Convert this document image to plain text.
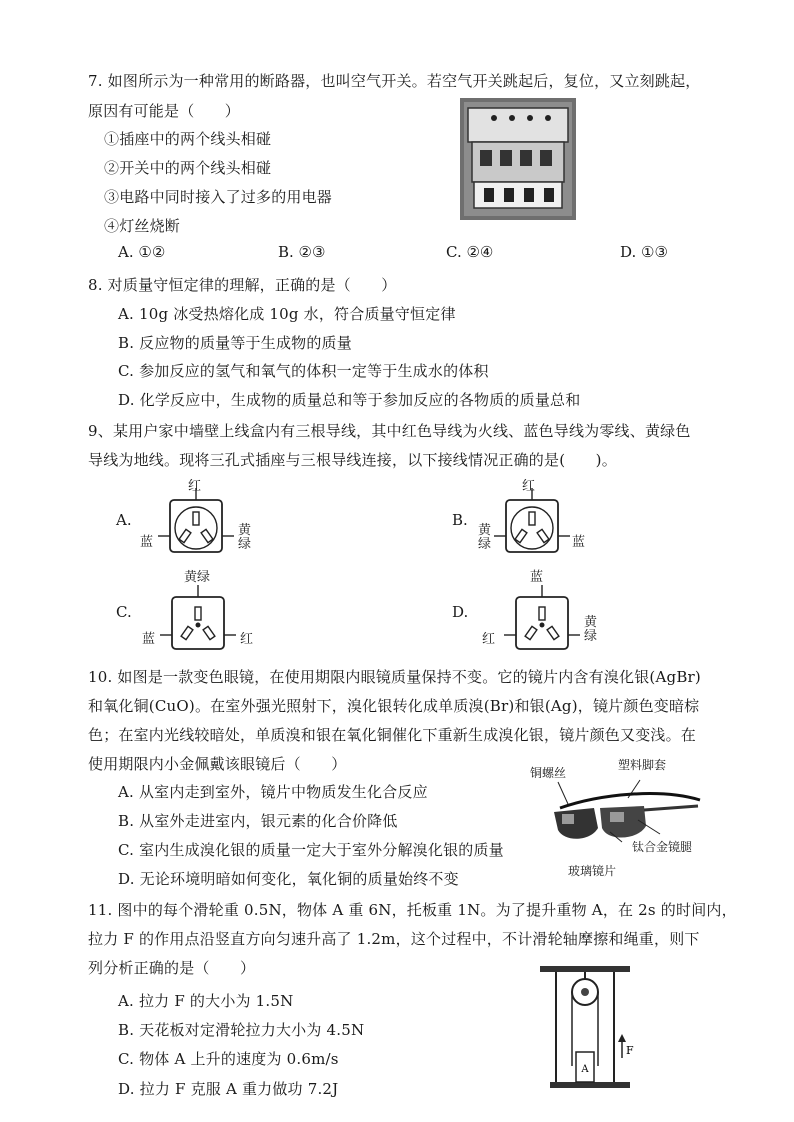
7. 如图所示为一种常用的断路器，也叫空气开关。若空气开关跳起后，复位，又立刻跳起，
原因有可能是（　　）
①插座中的两个线头相碰
②开关中的两个线头相碰
③电路中同时接入了过多的用电器
④灯丝烧断
A. ①②	B. ②③	C. ②④	D. ①③
8. 对质量守恒定律的理解，正确的是（　　）
A. 10g 冰受热熔化成 10g 水，符合质量守恒定律
B. 反应物的质量等于生成物的质量
C. 参加反应的氢气和氧气的体积一定等于生成水的体积
D. 化学反应中，生成物的质量总和等于参加反应的各物质的质量总和
9、某用户家中墙壁上线盒内有三根导线，其中红色导线为火线、蓝色导线为零线、黄绿色
导线为地线。现将三孔式插座与三根导线连接，以下接线情况正确的是(　　)。
A.
红
蓝
黄绿
B.
红
黄绿	蓝
C.
黄绿
蓝	红
D.
蓝
红
黄绿
10. 如图是一款变色眼镜，在使用期限内眼镜质量保持不变。它的镜片内含有溴化银(AgBr)
和氧化铜(CuO)。在室外强光照射下，溴化银转化成单质溴(Br)和银(Ag)，镜片颜色变暗棕
色；在室内光线较暗处，单质溴和银在氧化铜催化下重新生成溴化银，镜片颜色又变浅。在
使用期限内小金佩戴该眼镜后（　　）
A. 从室内走到室外，镜片中物质发生化合反应
B. 从室外走进室内，银元素的化合价降低
C. 室内生成溴化银的质量一定大于室外分解溴化银的质量
D. 无论环境明暗如何变化，氧化铜的质量始终不变
铜螺丝
塑料脚套
钛合金镜腿
玻璃镜片
11. 图中的每个滑轮重 0.5N，物体 A 重 6N，托板重 1N。为了提升重物 A，在 2s 的时间内，
拉力 F 的作用点沿竖直方向匀速升高了 1.2m，这个过程中，不计滑轮轴摩擦和绳重，则下
列分析正确的是（　　）
A. 拉力 F 的大小为 1.5N
B. 天花板对定滑轮拉力大小为 4.5N
C. 物体 A 上升的速度为 0.6m/s
D. 拉力 F 克服 A 重力做功 7.2J
A
F
